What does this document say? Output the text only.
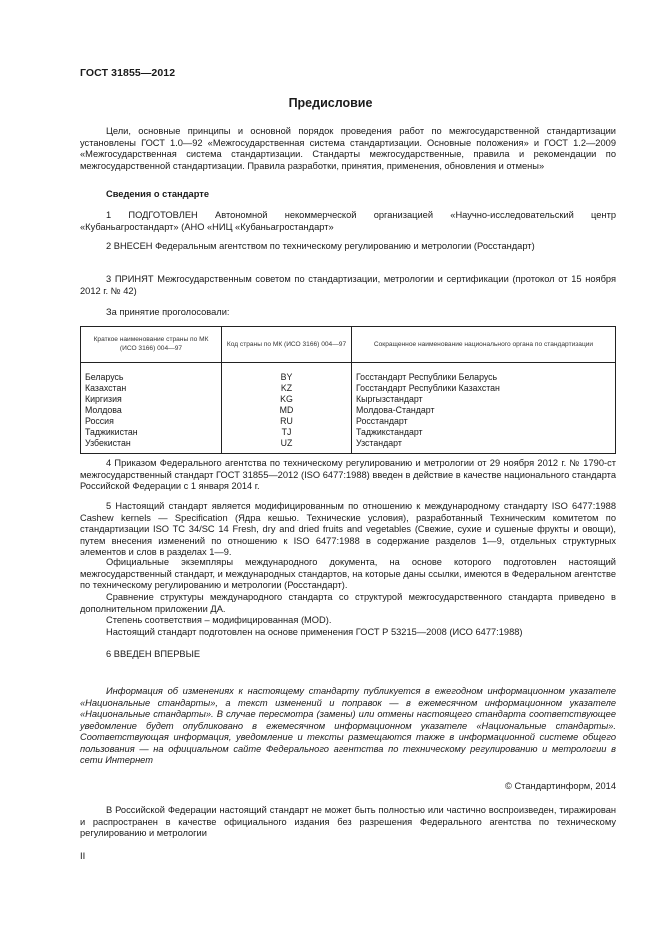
ГОСТ 31855—2012
Предисловие

Цели, основные принципы и основной порядок проведения работ по межгосударственной стандартизации установлены ГОСТ 1.0—92 «Межгосударственная система стандартизации. Основные положения» и ГОСТ 1.2—2009 «Межгосударственная система стандартизации. Стандарты межгосударственные, правила и рекомендации по межгосударственной стандартизации. Правила разработки, принятия, применения, обновления и отмены»

Сведения о стандарте

1 ПОДГОТОВЛЕН Автономной некоммерческой организацией «Научно-исследовательский центр «Кубаньагростандарт» (АНО «НИЦ «Кубаньагростандарт»

2 ВНЕСЕН Федеральным агентством по техническому регулированию и метрологии (Росстандарт)

3 ПРИНЯТ Межгосударственным советом по стандартизации, метрологии и сертификации (протокол от 15 ноября 2012 г. № 42)

За принятие проголосовали:

Краткое наименование страны по МК (ИСО 3166) 004—97	Код страны по МК (ИСО 3166) 004—97	Сокращенное наименование национального органа по стандартизации
Беларусь	BY	Госстандарт Республики Беларусь
Казахстан	KZ	Госстандарт Республики Казахстан
Киргизия	KG	Кыргызстандарт
Молдова	MD	Молдова-Стандарт
Россия	RU	Росстандарт
Таджикистан	TJ	Таджикстандарт
Узбекистан	UZ	Узстандарт

4 Приказом Федерального агентства по техническому регулированию и метрологии от 29 ноября 2012 г. № 1790-ст межгосударственный стандарт ГОСТ 31855—2012 (ISO 6477:1988) введен в действие в качестве национального стандарта Российской Федерации с 1 января 2014 г.

5 Настоящий стандарт является модифицированным по отношению к международному стандарту ISO 6477:1988 Cashew kernels — Specification (Ядра кешью. Технические условия), разработанный Техническим комитетом по стандартизации ISO TC 34/SC 14 Fresh, dry and dried fruits and vegetables (Свежие, сухие и сушеные фрукты и овощи), путем внесения изменений по отношению к ISO 6477:1988 в содержание разделов 1—9, отдельных структурных элементов и слов в разделах 1—9.

Официальные экземпляры международного документа, на основе которого подготовлен настоящий межгосударственный стандарт, и международных стандартов, на которые даны ссылки, имеются в Федеральном агентстве по техническому регулированию и метрологии (Росстандарт).

Сравнение структуры международного стандарта со структурой межгосударственного стандарта приведено в дополнительном приложении ДА.

Степень соответствия – модифицированная (MOD).

Настоящий стандарт подготовлен на основе применения ГОСТ Р 53215—2008 (ИСО 6477:1988)

6 ВВЕДЕН ВПЕРВЫЕ

Информация об изменениях к настоящему стандарту публикуется в ежегодном информационном указателе «Национальные стандарты», а текст изменений и поправок — в ежемесячном информационном указателе «Национальные стандарты». В случае пересмотра (замены) или отмены настоящего стандарта соответствующее уведомление будет опубликовано в ежемесячном информационном указателе «Национальные стандарты». Соответствующая информация, уведомление и тексты размещаются также в информационной системе общего пользования — на официальном сайте Федерального агентства по техническому регулированию и метрологии в сети Интернет

© Стандартинформ, 2014

В Российской Федерации настоящий стандарт не может быть полностью или частично воспроизведен, тиражирован и распространен в качестве официального издания без разрешения Федерального агентства по техническому регулированию и метрологии

II
